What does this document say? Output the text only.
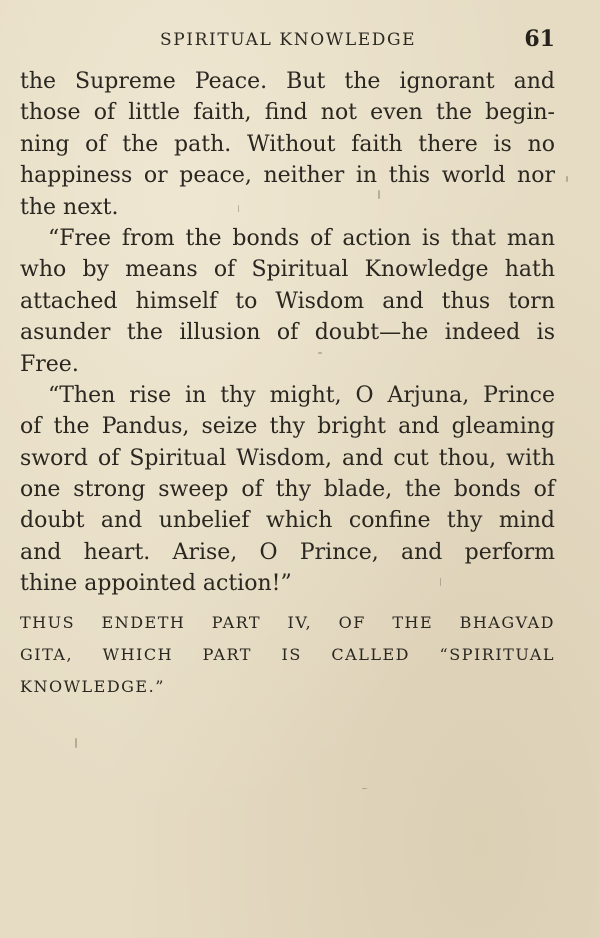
SPIRITUAL KNOWLEDGE	61
the Supreme Peace. But the ignorant and
those of little faith, find not even the begin-
ning of the path. Without faith there is no
happiness or peace, neither in this world nor
the next.
“Free from the bonds of action is that man
who by means of Spiritual Knowledge hath
attached himself to Wisdom and thus torn
asunder the illusion of doubt—he indeed is
Free.
“Then rise in thy might, O Arjuna, Prince
of the Pandus, seize thy bright and gleaming
sword of Spiritual Wisdom, and cut thou, with
one strong sweep of thy blade, the bonds of
doubt and unbelief which confine thy mind
and heart. Arise, O Prince, and perform
thine appointed action!”
THUS ENDETH PART IV, OF THE BHAGVAD
GITA, WHICH PART IS CALLED “SPIRITUAL
KNOWLEDGE.”
